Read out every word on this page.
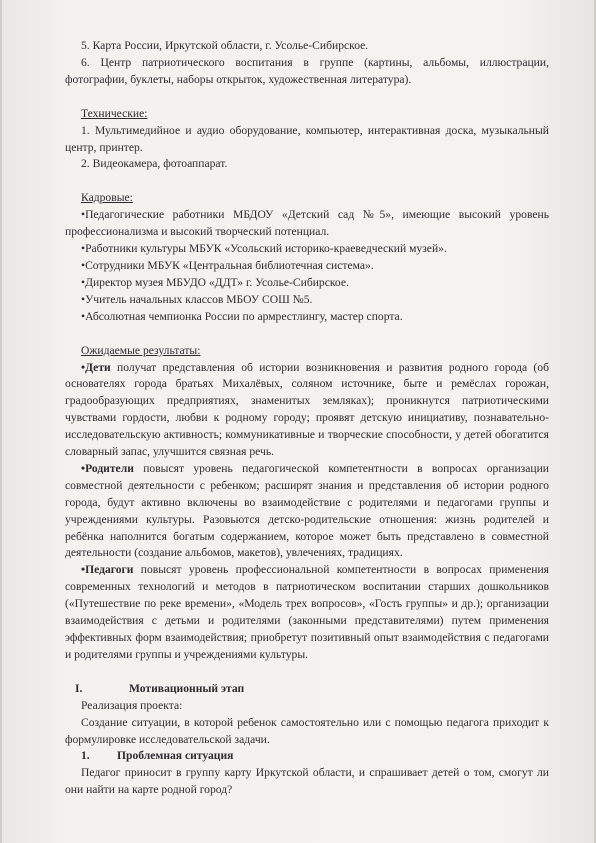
5. Карта России, Иркутской области, г. Усолье-Сибирское.

6. Центр патриотического воспитания в группе (картины, альбомы, иллюстрации, фотографии, буклеты, наборы открыток, художественная литература).

Технические:

1. Мультимедийное и аудио оборудование, компьютер, интерактивная доска, музыкальный центр, принтер.

2. Видеокамера, фотоаппарат.

Кадровые:

•Педагогические работники МБДОУ «Детский сад №5», имеющие высокий уровень профессионализма и высокий творческий потенциал.

•Работники культуры МБУК «Усольский историко-краеведческий музей».

•Сотрудники МБУК «Центральная библиотечная система».

•Директор музея МБУДО «ДДТ» г. Усолье-Сибирское.

•Учитель начальных классов МБОУ СОШ №5.

•Абсолютная чемпионка России по армрестлингу, мастер спорта.

Ожидаемые результаты:

•Дети получат представления об истории возникновения и развития родного города (об основателях города братьях Михалёвых, соляном источнике, быте и ремёслах горожан, градообразующих предприятиях, знаменитых земляках); проникнутся патриотическими чувствами гордости, любви к родному городу; проявят детскую инициативу, познавательно-исследовательскую активность; коммуникативные и творческие способности, у детей обогатится словарный запас, улучшится связная речь.

•Родители повысят уровень педагогической компетентности в вопросах организации совместной деятельности с ребенком; расширят знания и представления об истории родного города, будут активно включены во взаимодействие с родителями и педагогами группы и учреждениями культуры. Разовьются детско-родительские отношения: жизнь родителей и ребёнка наполнится богатым содержанием, которое может быть представлено в совместной деятельности (создание альбомов, макетов), увлечениях, традициях.

•Педагоги повысят уровень профессиональной компетентности в вопросах применения современных технологий и методов в патриотическом воспитании старших дошкольников («Путешествие по реке времени», «Модель трех вопросов», «Гость группы» и др.); организации взаимодействия с детьми и родителями (законными представителями) путем применения эффективных форм взаимодействия; приобретут позитивный опыт взаимодействия с педагогами и родителями группы и учреждениями культуры.

I.	Мотивационный этап

Реализация проекта:

Создание ситуации, в которой ребенок самостоятельно или с помощью педагога приходит к формулировке исследовательской задачи.

1.	Проблемная ситуация

Педагог приносит в группу карту Иркутской области, и спрашивает детей о том, смогут ли они найти на карте родной город?
